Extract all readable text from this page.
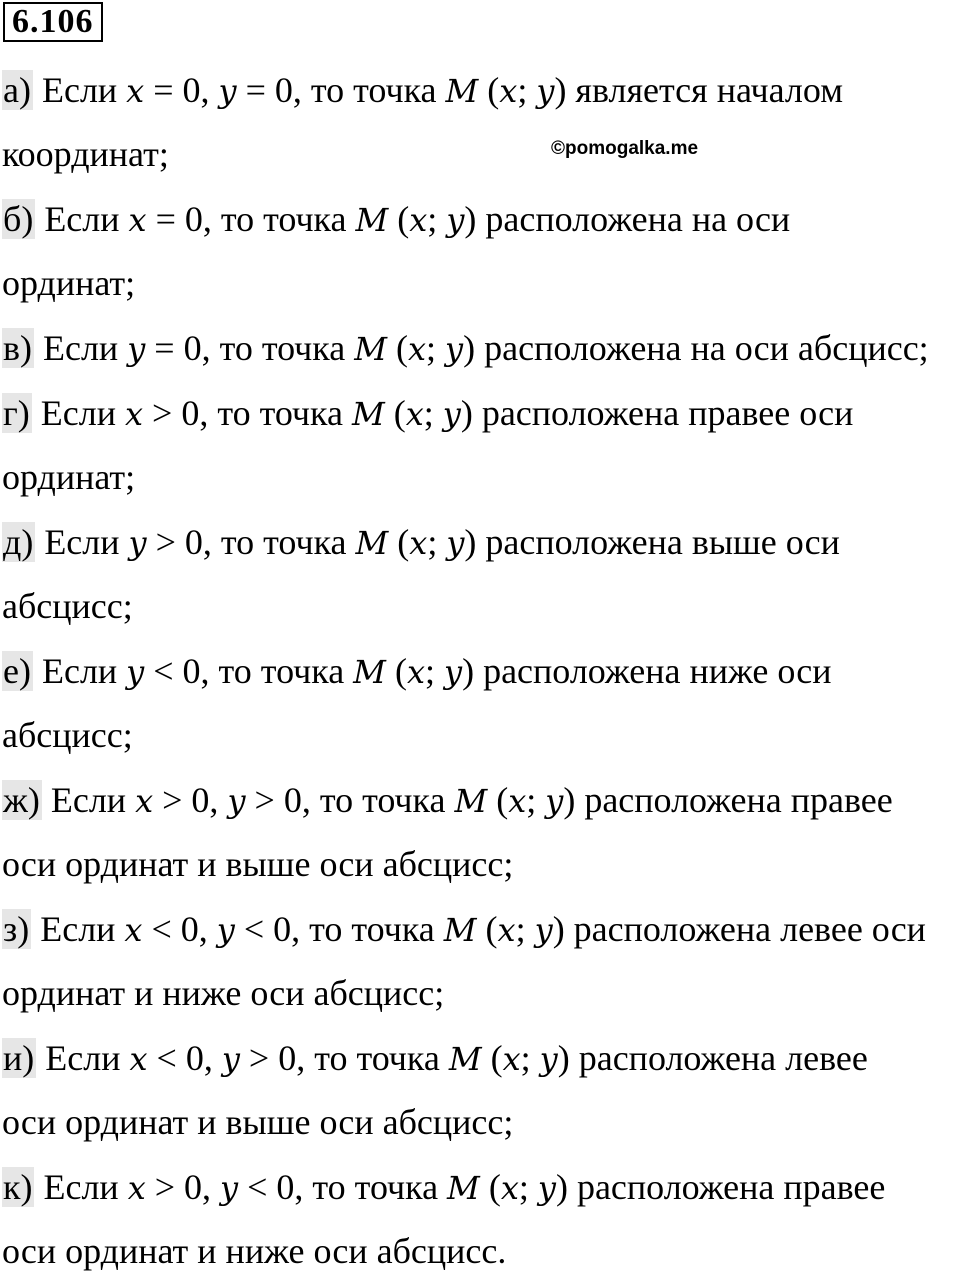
6.106
©pomogalka.me
а) Если x = 0, y = 0, то точка M (x; y) является началом
координат;
б) Если x = 0, то точка M (x; y) расположена на оси
ординат;
в) Если y = 0, то точка M (x; y) расположена на оси абсцисс;
г) Если x > 0, то точка M (x; y) расположена правее оси
ординат;
д) Если y > 0, то точка M (x; y) расположена выше оси
абсцисс;
е) Если y < 0, то точка M (x; y) расположена ниже оси
абсцисс;
ж) Если x > 0, y > 0, то точка M (x; y) расположена правее
оси ординат и выше оси абсцисс;
з) Если x < 0, y < 0, то точка M (x; y) расположена левее оси
ординат и ниже оси абсцисс;
и) Если x < 0, y > 0, то точка M (x; y) расположена левее
оси ординат и выше оси абсцисс;
к) Если x > 0, y < 0, то точка M (x; y) расположена правее
оси ординат и ниже оси абсцисс.
